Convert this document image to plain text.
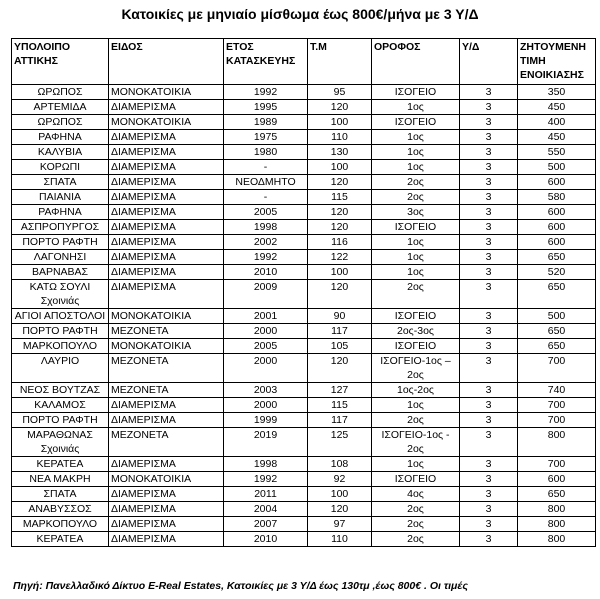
Κατοικίες με μηνιαίο μίσθωμα έως 800€/μήνα με 3 Υ/Δ
ΥΠΟΛΟΙΠΟ ΑΤΤΙΚΗΣ	ΕΙΔΟΣ	ΕΤΟΣ ΚΑΤΑΣΚΕΥΗΣ	Τ.Μ	ΟΡΟΦΟΣ	Υ/Δ	ΖΗΤΟΥΜΕΝΗ ΤΙΜΗ ΕΝΟΙΚΙΑΣΗΣ
ΩΡΩΠΟΣ	ΜΟΝΟΚΑΤΟΙΚΙΑ	1992	95	ΙΣΟΓΕΙΟ	3	350
ΑΡΤΕΜΙΔΑ	ΔΙΑΜΕΡΙΣΜΑ	1995	120	1ος	3	450
ΩΡΩΠΟΣ	ΜΟΝΟΚΑΤΟΙΚΙΑ	1989	100	ΙΣΟΓΕΙΟ	3	400
ΡΑΦΗΝΑ	ΔΙΑΜΕΡΙΣΜΑ	1975	110	1ος	3	450
ΚΑΛΥΒΙΑ	ΔΙΑΜΕΡΙΣΜΑ	1980	130	1ος	3	550
ΚΟΡΩΠΙ	ΔΙΑΜΕΡΙΣΜΑ	-	100	1ος	3	500
ΣΠΑΤΑ	ΔΙΑΜΕΡΙΣΜΑ	ΝΕΟΔΜΗΤΟ	120	2ος	3	600
ΠΑΙΑΝΙΑ	ΔΙΑΜΕΡΙΣΜΑ	-	115	2ος	3	580
ΡΑΦΗΝΑ	ΔΙΑΜΕΡΙΣΜΑ	2005	120	3ος	3	600
ΑΣΠΡΟΠΥΡΓΟΣ	ΔΙΑΜΕΡΙΣΜΑ	1998	120	ΙΣΟΓΕΙΟ	3	600
ΠΟΡΤΟ ΡΑΦΤΗ	ΔΙΑΜΕΡΙΣΜΑ	2002	116	1ος	3	600
ΛΑΓΟΝΗΣΙ	ΔΙΑΜΕΡΙΣΜΑ	1992	122	1ος	3	650
ΒΑΡΝΑΒΑΣ	ΔΙΑΜΕΡΙΣΜΑ	2010	100	1ος	3	520
ΚΑΤΩ ΣΟΥΛΙ Σχοινιάς	ΔΙΑΜΕΡΙΣΜΑ	2009	120	2ος	3	650
ΑΓΙΟΙ ΑΠΟΣΤΟΛΟΙ	ΜΟΝΟΚΑΤΟΙΚΙΑ	2001	90	ΙΣΟΓΕΙΟ	3	500
ΠΟΡΤΟ ΡΑΦΤΗ	ΜΕΖΟΝΕΤΑ	2000	117	2ος-3ος	3	650
ΜΑΡΚΟΠΟΥΛΟ	ΜΟΝΟΚΑΤΟΙΚΙΑ	2005	105	ΙΣΟΓΕΙΟ	3	650
ΛΑΥΡΙΟ	ΜΕΖΟΝΕΤΑ	2000	120	ΙΣΟΓΕΙΟ-1ος – 2ος	3	700
ΝΕΟΣ ΒΟΥΤΖΑΣ	ΜΕΖΟΝΕΤΑ	2003	127	1ος-2ος	3	740
ΚΑΛΑΜΟΣ	ΔΙΑΜΕΡΙΣΜΑ	2000	115	1ος	3	700
ΠΟΡΤΟ ΡΑΦΤΗ	ΔΙΑΜΕΡΙΣΜΑ	1999	117	2ος	3	700
ΜΑΡΑΘΩΝΑΣ Σχοινιάς	ΜΕΖΟΝΕΤΑ	2019	125	ΙΣΟΓΕΙΟ-1ος - 2ος	3	800
ΚΕΡΑΤΕΑ	ΔΙΑΜΕΡΙΣΜΑ	1998	108	1ος	3	700
ΝΕΑ ΜΑΚΡΗ	ΜΟΝΟΚΑΤΟΙΚΙΑ	1992	92	ΙΣΟΓΕΙΟ	3	600
ΣΠΑΤΑ	ΔΙΑΜΕΡΙΣΜΑ	2011	100	4ος	3	650
ΑΝΑΒΥΣΣΟΣ	ΔΙΑΜΕΡΙΣΜΑ	2004	120	2ος	3	800
ΜΑΡΚΟΠΟΥΛΟ	ΔΙΑΜΕΡΙΣΜΑ	2007	97	2ος	3	800
ΚΕΡΑΤΕΑ	ΔΙΑΜΕΡΙΣΜΑ	2010	110	2ος	3	800
Πηγή: Πανελλαδικό Δίκτυο E-Real Estates, Κατοικίες με 3 Υ/Δ έως 130τμ ,έως 800€ . Οι τιμές
